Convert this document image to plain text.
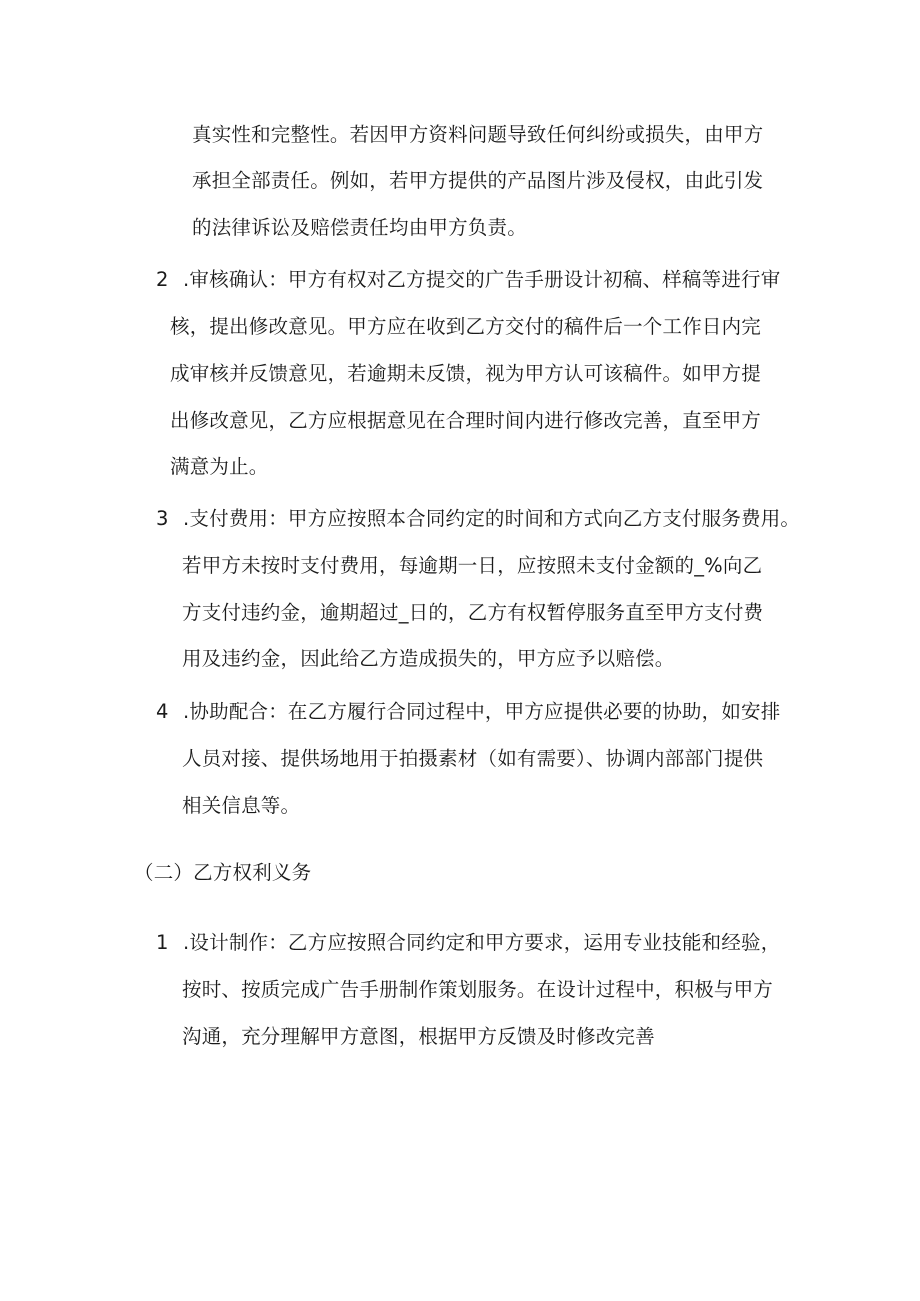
真实性和完整性。若因甲方资料问题导致任何纠纷或损失，由甲方
承担全部责任。例如，若甲方提供的产品图片涉及侵权，由此引发
的法律诉讼及赔偿责任均由甲方负责。
2 .审核确认：甲方有权对乙方提交的广告手册设计初稿、样稿等进行审
核，提出修改意见。甲方应在收到乙方交付的稿件后一个工作日内完
成审核并反馈意见，若逾期未反馈，视为甲方认可该稿件。如甲方提
出修改意见，乙方应根据意见在合理时间内进行修改完善，直至甲方
满意为止。
3 .支付费用：甲方应按照本合同约定的时间和方式向乙方支付服务费用。
若甲方未按时支付费用，每逾期一日，应按照未支付金额的_%向乙
方支付违约金，逾期超过_日的，乙方有权暂停服务直至甲方支付费
用及违约金，因此给乙方造成损失的，甲方应予以赔偿。
4 .协助配合：在乙方履行合同过程中，甲方应提供必要的协助，如安排
人员对接、提供场地用于拍摄素材（如有需要）、协调内部部门提供
相关信息等。
（二）乙方权利义务
1 .设计制作：乙方应按照合同约定和甲方要求，运用专业技能和经验，
按时、按质完成广告手册制作策划服务。在设计过程中，积极与甲方
沟通，充分理解甲方意图，根据甲方反馈及时修改完善
